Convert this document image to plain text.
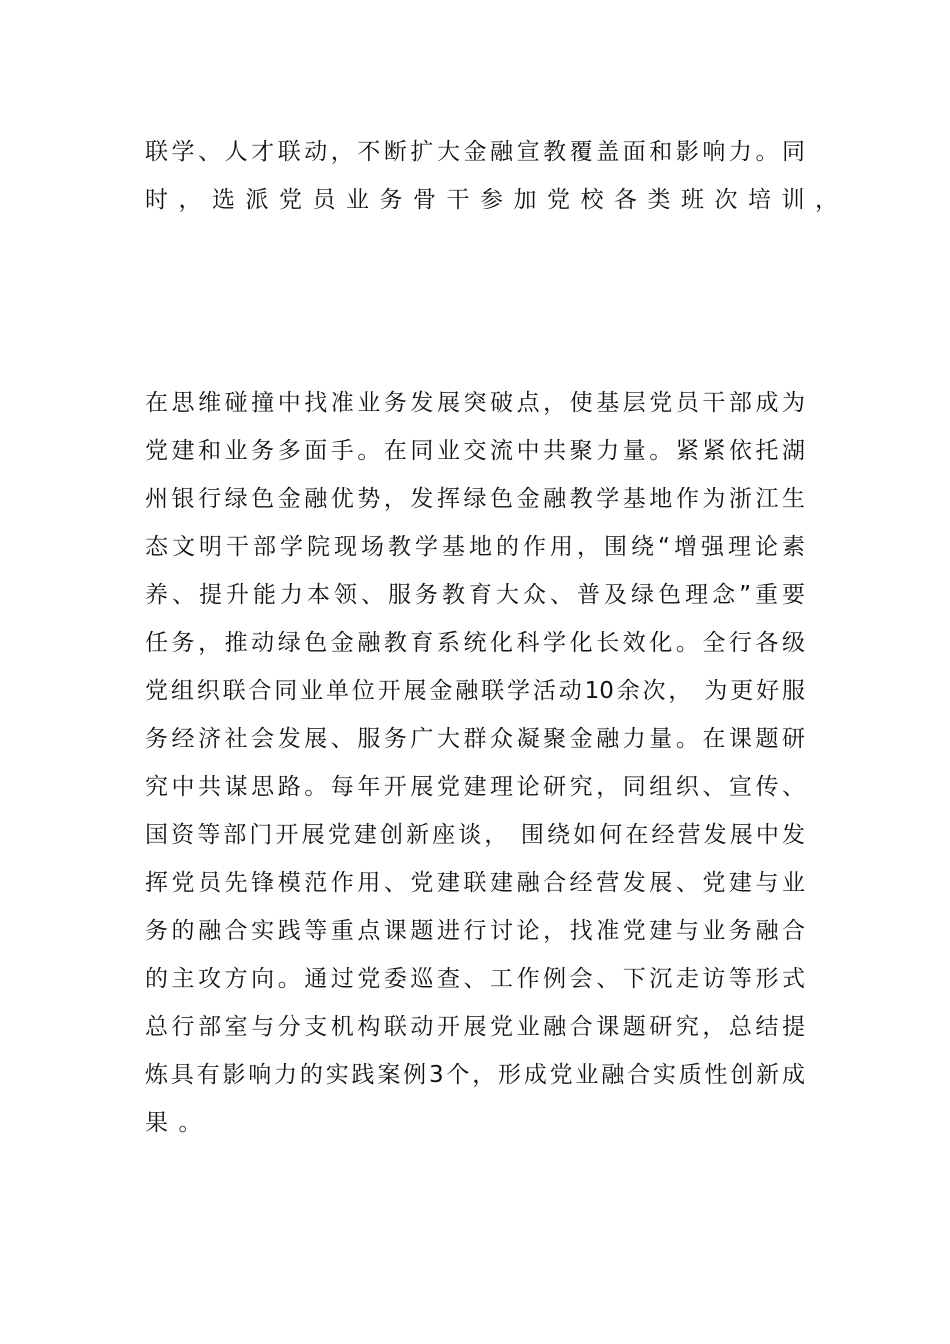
联学、人才联动，不断扩大金融宣教覆盖面和影响力。同
时，选派党员业务骨干参加党校各类班次培训，
在思维碰撞中找准业务发展突破点，使基层党员干部成为
党建和业务多面手。在同业交流中共聚力量。紧紧依托湖
州银行绿色金融优势，发挥绿色金融教学基地作为浙江生
态文明干部学院现场教学基地的作用，围绕“增强理论素
养、提升能力本领、服务教育大众、普及绿色理念”重要
任务，推动绿色金融教育系统化科学化长效化。全行各级
党组织联合同业单位开展金融联学活动10余次， 为更好服
务经济社会发展、服务广大群众凝聚金融力量。在课题研
究中共谋思路。每年开展党建理论研究，同组织、宣传、
国资等部门开展党建创新座谈， 围绕如何在经营发展中发
挥党员先锋模范作用、党建联建融合经营发展、党建与业
务的融合实践等重点课题进行讨论，找准党建与业务融合
的主攻方向。通过党委巡查、工作例会、下沉走访等形式
总行部室与分支机构联动开展党业融合课题研究，总结提
炼具有影响力的实践案例3个，形成党业融合实质性创新成
果。
